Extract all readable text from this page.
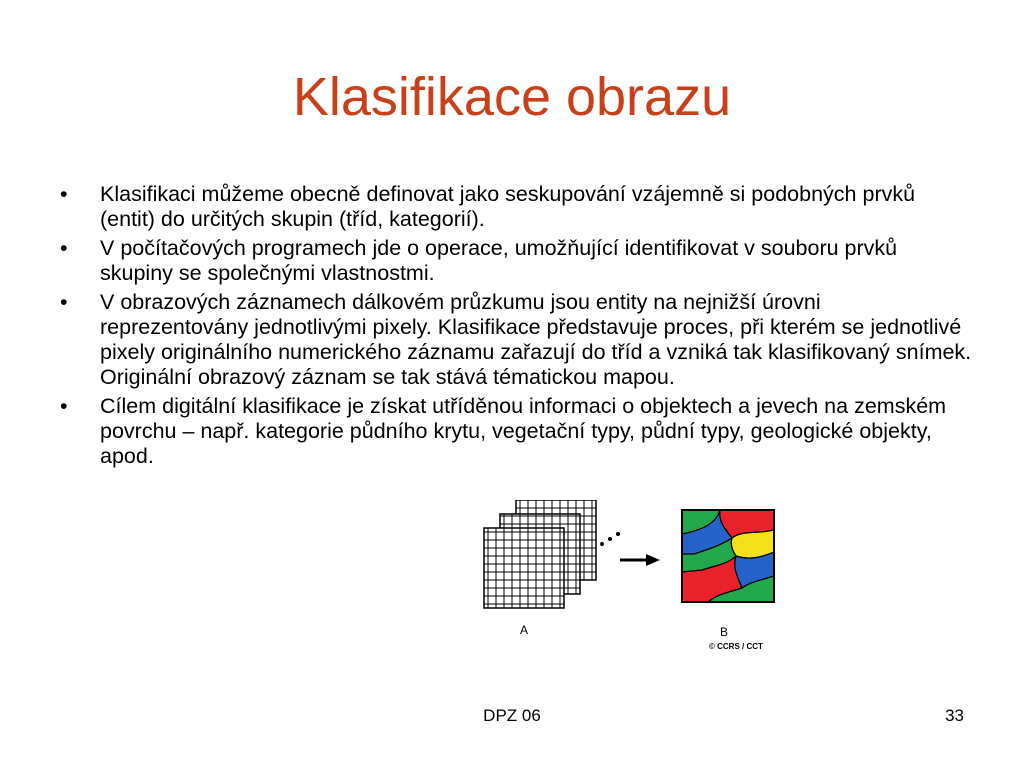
Klasifikace obrazu
•	Klasifikaci můžeme obecně definovat jako seskupování vzájemně si podobných prvků (entit) do určitých skupin (tříd, kategorií).
•	V počítačových programech jde o operace, umožňující identifikovat v souboru prvků skupiny se společnými vlastnostmi.
•	V obrazových záznamech dálkovém průzkumu jsou entity na nejnižší úrovni reprezentovány jednotlivými pixely. Klasifikace představuje proces, při kterém se jednotlivé pixely originálního numerického záznamu zařazují do tříd a vzniká tak klasifikovaný snímek. Originální obrazový záznam se tak stává tématickou mapou.
•	Cílem digitální klasifikace je získat utříděnou informaci o objektech a jevech na zemském povrchu – např. kategorie půdního krytu, vegetační typy, půdní typy, geologické objekty, apod.
A	B
© CCRS / CCT
DPZ 06	33
